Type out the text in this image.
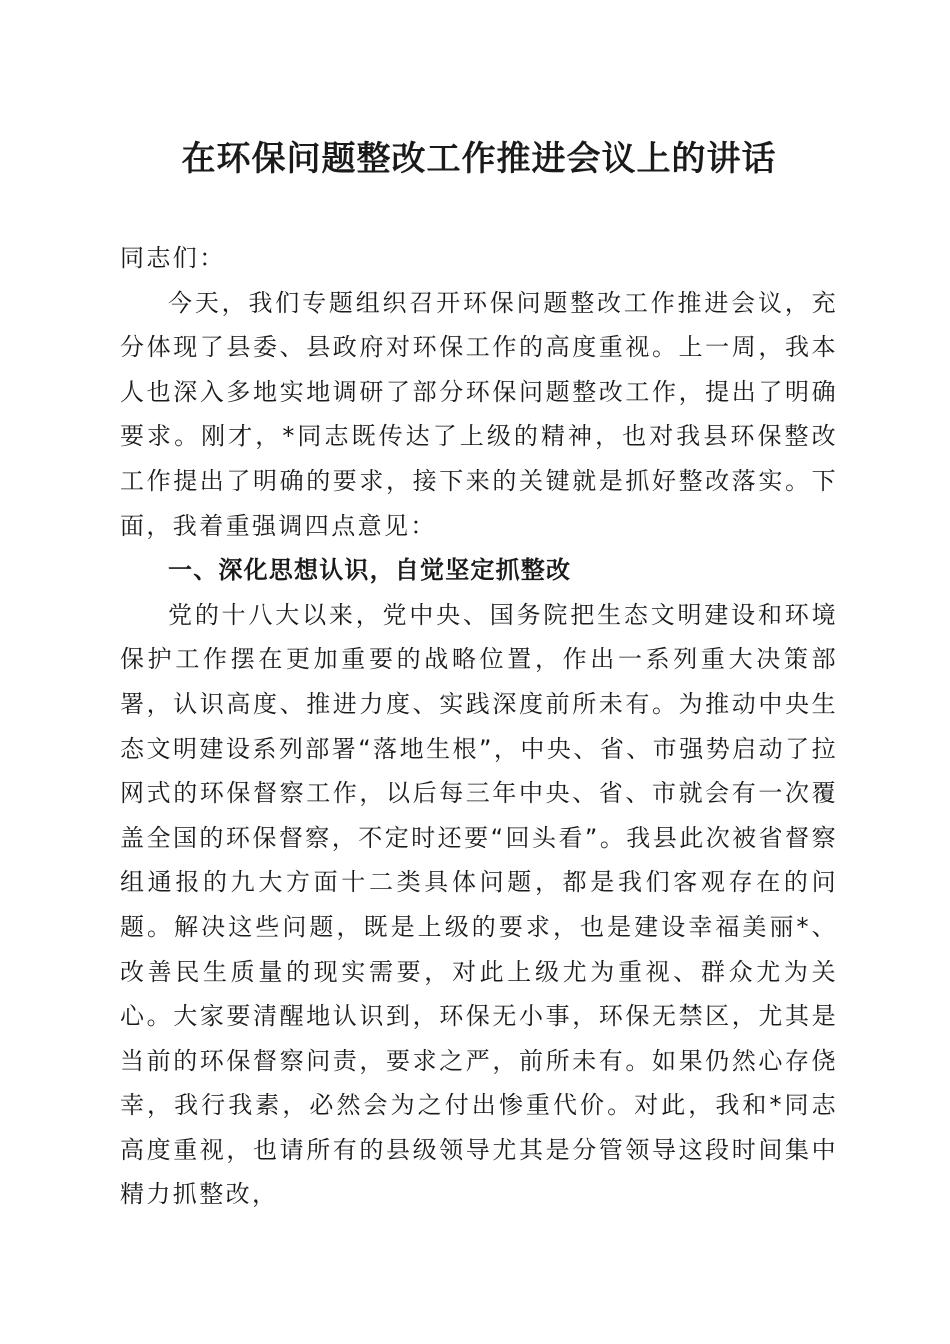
在环保问题整改工作推进会议上的讲话

同志们：

今天，我们专题组织召开环保问题整改工作推进会议，充分体现了县委、县政府对环保工作的高度重视。上一周，我本人也深入多地实地调研了部分环保问题整改工作，提出了明确要求。刚才，*同志既传达了上级的精神，也对我县环保整改工作提出了明确的要求，接下来的关键就是抓好整改落实。下面，我着重强调四点意见：

一、深化思想认识，自觉坚定抓整改

党的十八大以来，党中央、国务院把生态文明建设和环境保护工作摆在更加重要的战略位置，作出一系列重大决策部署，认识高度、推进力度、实践深度前所未有。为推动中央生态文明建设系列部署“落地生根”，中央、省、市强势启动了拉网式的环保督察工作，以后每三年中央、省、市就会有一次覆盖全国的环保督察，不定时还要“回头看”。我县此次被省督察组通报的九大方面十二类具体问题，都是我们客观存在的问题。解决这些问题，既是上级的要求，也是建设幸福美丽*、改善民生质量的现实需要，对此上级尤为重视、群众尤为关心。大家要清醒地认识到，环保无小事，环保无禁区，尤其是当前的环保督察问责，要求之严，前所未有。如果仍然心存侥幸，我行我素，必然会为之付出惨重代价。对此，我和*同志高度重视，也请所有的县级领导尤其是分管领导这段时间集中精力抓整改，
